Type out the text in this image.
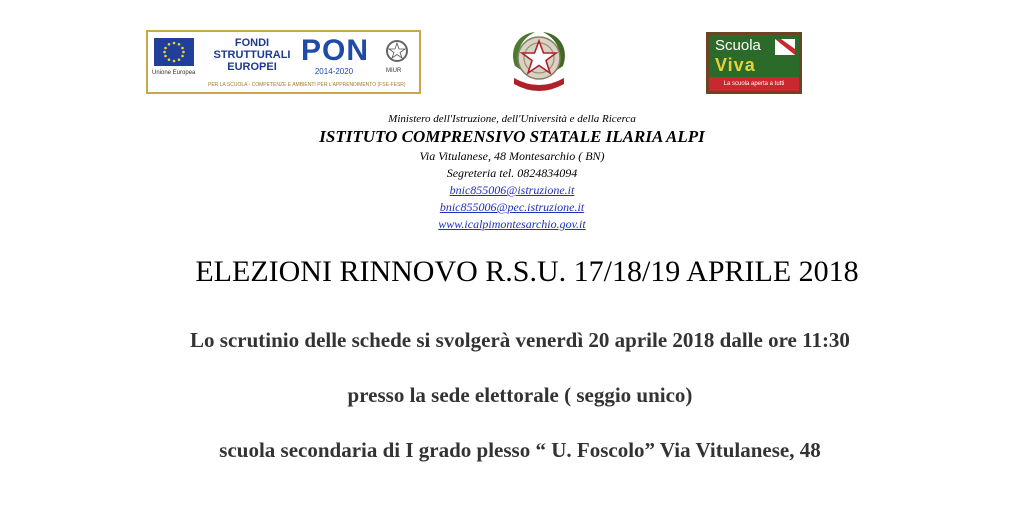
Unione Europea
FONDI
STRUTTURALI
EUROPEI PON
2014-2020	MIUR
PER LA SCUOLA - COMPETENZE E AMBIENTI PER L'APPRENDIMENTO (FSE-FESR)
Scuola
Viva
La scuola aperta a tutti
Ministero dell'Istruzione, dell'Università e della Ricerca
ISTITUTO COMPRENSIVO STATALE ILARIA ALPI
Via Vitulanese, 48 Montesarchio ( BN)
Segreteria tel. 0824834094
bnic855006@istruzione.it
bnic855006@pec.istruzione.it
www.icalpimontesarchio.gov.it
ELEZIONI RINNOVO R.S.U. 17/18/19 APRILE 2018
Lo scrutinio delle schede si svolgerà venerdì 20 aprile 2018 dalle ore 11:30
presso la sede elettorale ( seggio unico)
scuola secondaria di I grado plesso “ U. Foscolo” Via Vitulanese, 48
